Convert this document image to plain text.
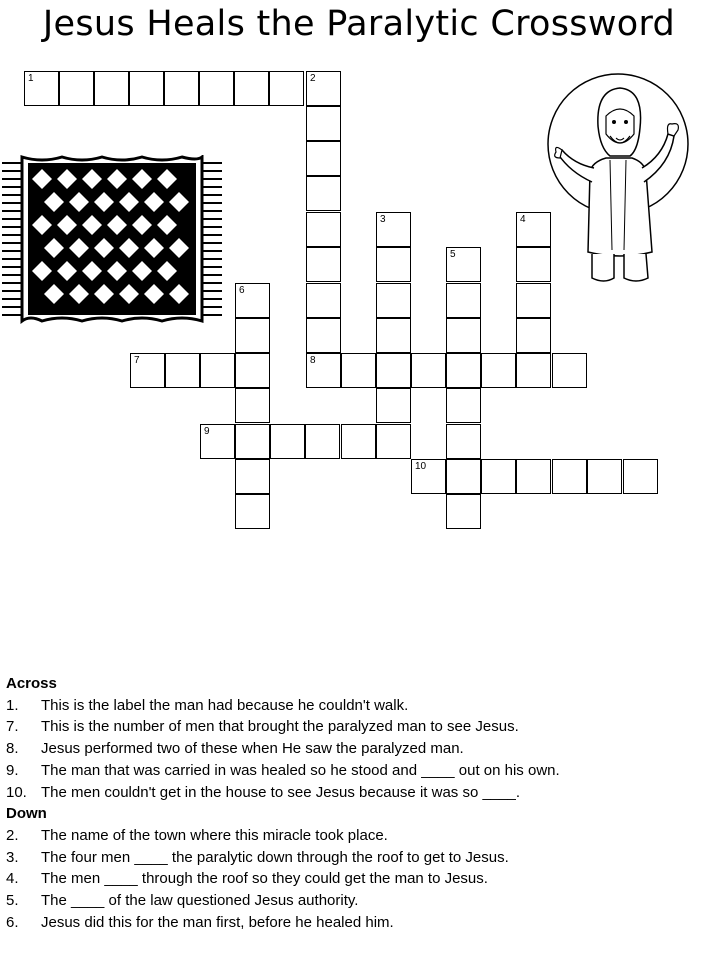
Jesus Heals the Paralytic Crossword
1	2
8
3	4
5
6
7
9
10
Across
1.	This is the label the man had because he couldn't walk.
7.	This is the number of men that brought the paralyzed man to see Jesus.
8.	Jesus performed two of these when He saw the paralyzed man.
9.	The man that was carried in was healed so he stood and ____ out on his own.
10. The men couldn't get in the house to see Jesus because it was so ____.
Down
2.	The name of the town where this miracle took place.
3.	The four men ____ the paralytic down through the roof to get to Jesus.
4.	The men ____ through the roof so they could get the man to Jesus.
5.	The ____ of the law questioned Jesus authority.
6.	Jesus did this for the man first, before he healed him.
